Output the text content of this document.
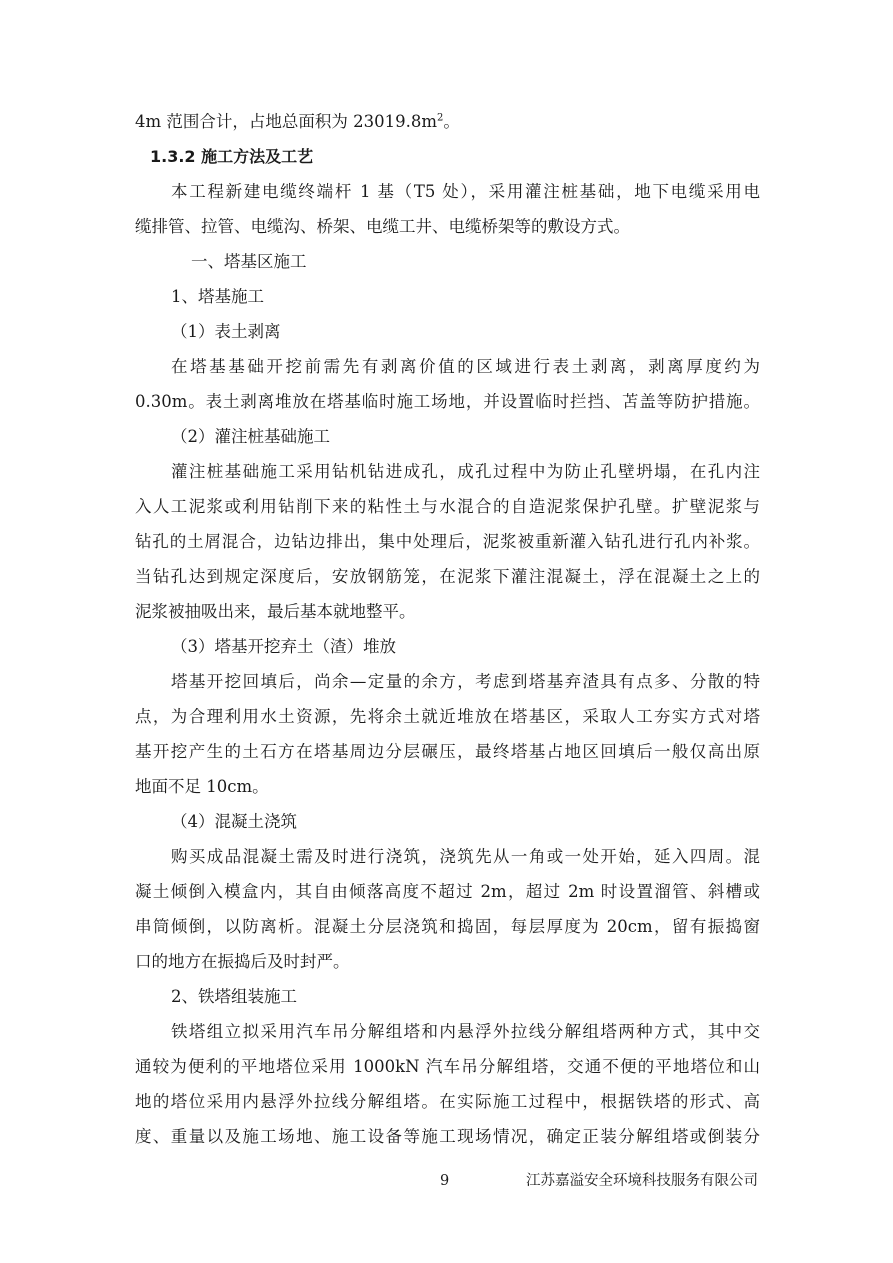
4m 范围合计，占地总面积为 $23019.8m^2$。
1.3.2 施工方法及工艺
本工程新建电缆终端杆 1 基（T5 处），采用灌注桩基础，地下电缆采用电
缆排管、拉管、电缆沟、桥架、电缆工井、电缆桥架等的敷设方式。
一、塔基区施工
1、塔基施工
（1）表土剥离
在塔基基础开挖前需先有剥离价值的区域进行表土剥离，剥离厚度约为
0.30m。表土剥离堆放在塔基临时施工场地，并设置临时拦挡、苫盖等防护措施。
（2）灌注桩基础施工
灌注桩基础施工采用钻机钻进成孔，成孔过程中为防止孔壁坍塌，在孔内注
入人工泥浆或利用钻削下来的粘性土与水混合的自造泥浆保护孔壁。扩壁泥浆与
钻孔的土屑混合，边钻边排出，集中处理后，泥浆被重新灌入钻孔进行孔内补浆。
当钻孔达到规定深度后，安放钢筋笼，在泥浆下灌注混凝土，浮在混凝土之上的
泥浆被抽吸出来，最后基本就地整平。
（3）塔基开挖弃土（渣）堆放
塔基开挖回填后，尚余—定量的余方，考虑到塔基弃渣具有点多、分散的特
点，为合理利用水土资源，先将余土就近堆放在塔基区，采取人工夯实方式对塔
基开挖产生的土石方在塔基周边分层碾压，最终塔基占地区回填后一般仅高出原
地面不足 10cm。
（4）混凝土浇筑
购买成品混凝土需及时进行浇筑，浇筑先从一角或一处开始，延入四周。混
凝土倾倒入模盒内，其自由倾落高度不超过 2m，超过 2m 时设置溜管、斜槽或
串筒倾倒，以防离析。混凝土分层浇筑和捣固，每层厚度为 20cm，留有振捣窗
口的地方在振捣后及时封严。
2、铁塔组装施工
铁塔组立拟采用汽车吊分解组塔和内悬浮外拉线分解组塔两种方式，其中交
通较为便利的平地塔位采用 1000kN 汽车吊分解组塔，交通不便的平地塔位和山
地的塔位采用内悬浮外拉线分解组塔。在实际施工过程中，根据铁塔的形式、高
度、重量以及施工场地、施工设备等施工现场情况，确定正装分解组塔或倒装分
9	江苏嘉溢安全环境科技服务有限公司
